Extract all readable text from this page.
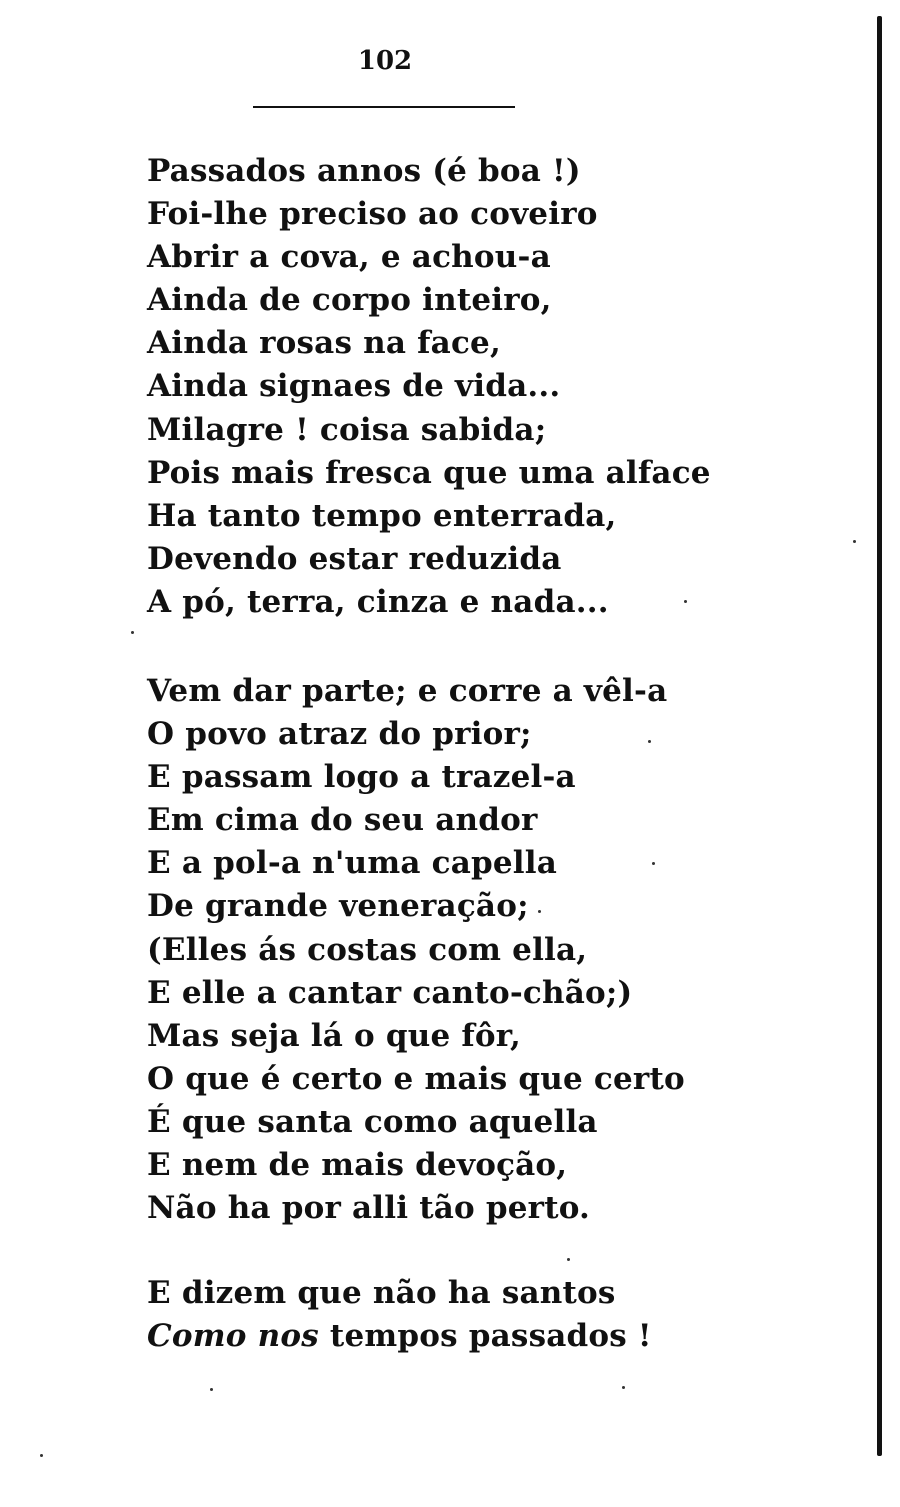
102
Passados annos (é boa !)
Foi-lhe preciso ao coveiro
Abrir a cova, e achou-a
Ainda de corpo inteiro,
Ainda rosas na face,
Ainda signaes de vida...
Milagre ! coisa sabida;
Pois mais fresca que uma alface
Ha tanto tempo enterrada,
Devendo estar reduzida
A pó, terra, cinza e nada...
Vem dar parte; e corre a vêl-a
O povo atraz do prior;
E passam logo a trazel-a
Em cima do seu andor
E a pol-a n'uma capella
De grande veneração;
(Elles ás costas com ella,
E elle a cantar canto-chão;)
Mas seja lá o que fôr,
O que é certo e mais que certo
É que santa como aquella
E nem de mais devoção,
Não ha por alli tão perto.
E dizem que não ha santos
Como nos tempos passados !
